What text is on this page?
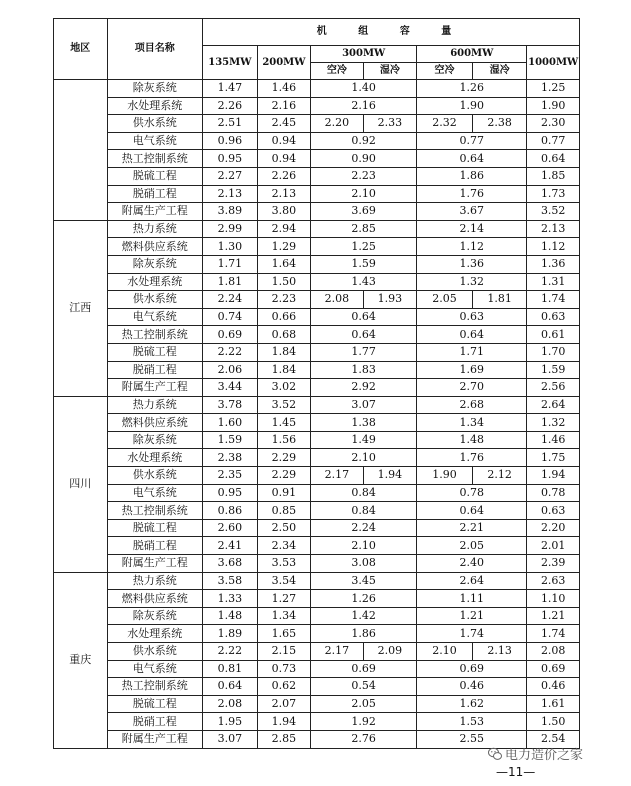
地区	项目名称	机 组 容 量						
		135MW	200MW	300MW		600MW		1000MW
				空冷	湿冷	空冷	湿冷	
	除灰系统	1.47	1.46	1.40		1.26		1.25
	水处理系统	2.26	2.16	2.16		1.90		1.90
	供水系统	2.51	2.45	2.20	2.33	2.32	2.38	2.30
	电气系统	0.96	0.94	0.92		0.77		0.77
	热工控制系统	0.95	0.94	0.90		0.64		0.64
	脱硫工程	2.27	2.26	2.23		1.86		1.85
	脱硝工程	2.13	2.13	2.10		1.76		1.73
	附属生产工程	3.89	3.80	3.69		3.67		3.52
江西	热力系统	2.99	2.94	2.85		2.14		2.13
	燃料供应系统	1.30	1.29	1.25		1.12		1.12
	除灰系统	1.71	1.64	1.59		1.36		1.36
	水处理系统	1.81	1.50	1.43		1.32		1.31
	供水系统	2.24	2.23	2.08	1.93	2.05	1.81	1.74
	电气系统	0.74	0.66	0.64		0.63		0.63
	热工控制系统	0.69	0.68	0.64		0.64		0.61
	脱硫工程	2.22	1.84	1.77		1.71		1.70
	脱硝工程	2.06	1.84	1.83		1.69		1.59
	附属生产工程	3.44	3.02	2.92		2.70		2.56
四川	热力系统	3.78	3.52	3.07		2.68		2.64
	燃料供应系统	1.60	1.45	1.38		1.34		1.32
	除灰系统	1.59	1.56	1.49		1.48		1.46
	水处理系统	2.38	2.29	2.10		1.76		1.75
	供水系统	2.35	2.29	2.17	1.94	1.90	2.12	1.94
	电气系统	0.95	0.91	0.84		0.78		0.78
	热工控制系统	0.86	0.85	0.84		0.64		0.63
	脱硫工程	2.60	2.50	2.24		2.21		2.20
	脱硝工程	2.41	2.34	2.10		2.05		2.01
	附属生产工程	3.68	3.53	3.08		2.40		2.39
重庆	热力系统	3.58	3.54	3.45		2.64		2.63
	燃料供应系统	1.33	1.27	1.26		1.11		1.10
	除灰系统	1.48	1.34	1.42		1.21		1.21
	水处理系统	1.89	1.65	1.86		1.74		1.74
	供水系统	2.22	2.15	2.17	2.09	2.10	2.13	2.08
	电气系统	0.81	0.73	0.69		0.69		0.69
	热工控制系统	0.64	0.62	0.54		0.46		0.46
	脱硫工程	2.08	2.07	2.05		1.62		1.61
	脱硝工程	1.95	1.94	1.92		1.53		1.50
	附属生产工程	3.07	2.85	2.76		2.55		2.54
电力造价之家
—11—
